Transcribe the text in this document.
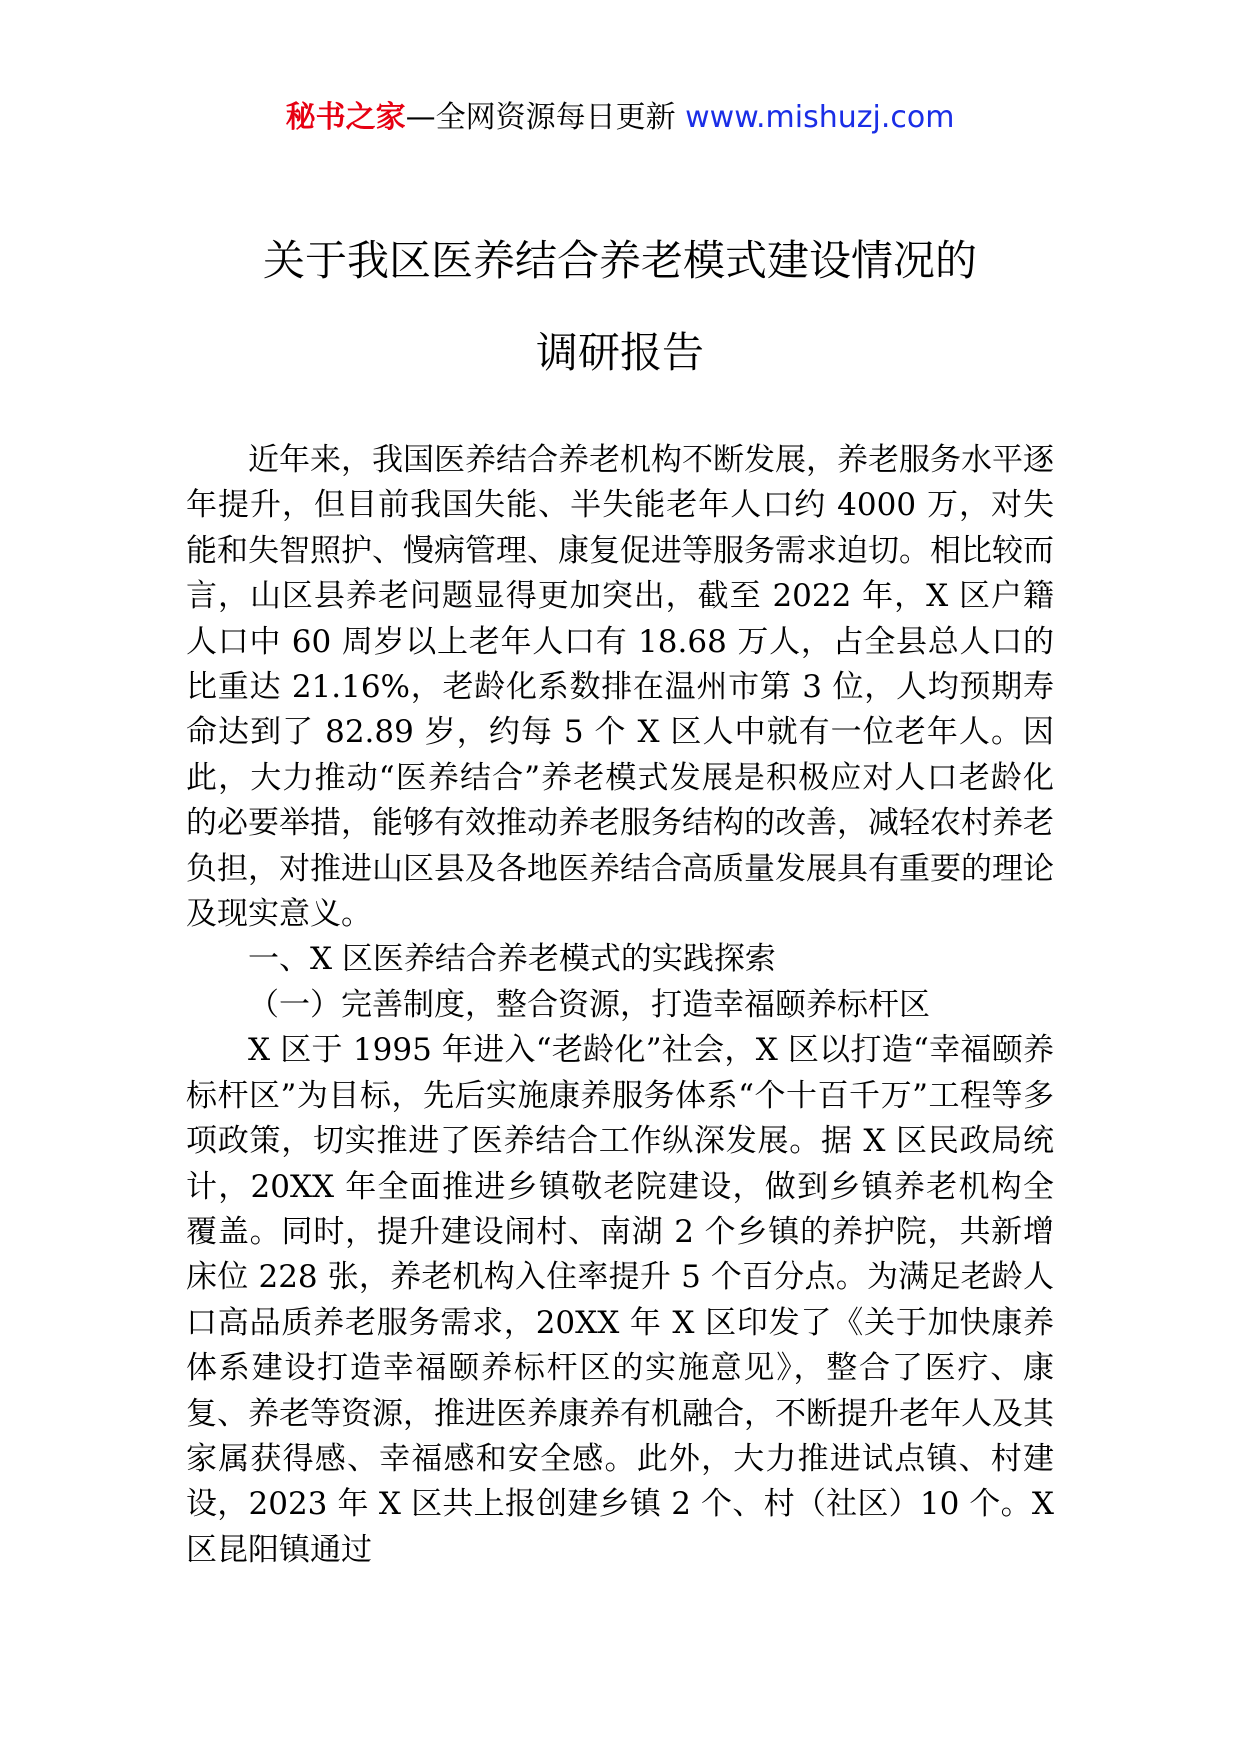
秘书之家—全网资源每日更新 www.mishuzj.com
关于我区医养结合养老模式建设情况的
调研报告

近年来，我国医养结合养老机构不断发展，养老服务水平逐年提升，但目前我国失能、半失能老年人口约 4000 万，对失能和失智照护、慢病管理、康复促进等服务需求迫切。相比较而言，山区县养老问题显得更加突出，截至 2022 年，X 区户籍人口中 60 周岁以上老年人口有 18.68 万人，占全县总人口的比重达 21.16%，老龄化系数排在温州市第 3 位，人均预期寿命达到了 82.89 岁，约每 5 个 X 区人中就有一位老年人。因此，大力推动“医养结合”养老模式发展是积极应对人口老龄化的必要举措，能够有效推动养老服务结构的改善，减轻农村养老负担，对推进山区县及各地医养结合高质量发展具有重要的理论及现实意义。

一、X 区医养结合养老模式的实践探索

（一）完善制度，整合资源，打造幸福颐养标杆区

X 区于 1995 年进入“老龄化”社会，X 区以打造“幸福颐养标杆区”为目标，先后实施康养服务体系“个十百千万”工程等多项政策，切实推进了医养结合工作纵深发展。据 X 区民政局统计，20XX 年全面推进乡镇敬老院建设，做到乡镇养老机构全覆盖。同时，提升建设闹村、南湖 2 个乡镇的养护院，共新增床位 228 张，养老机构入住率提升 5 个百分点。为满足老龄人口高品质养老服务需求，20XX 年 X 区印发了《关于加快康养体系建设打造幸福颐养标杆区的实施意见》，整合了医疗、康复、养老等资源，推进医养康养有机融合，不断提升老年人及其家属获得感、幸福感和安全感。此外，大力推进试点镇、村建设，2023 年 X 区共上报创建乡镇 2 个、村（社区）10 个。X 区昆阳镇通过
